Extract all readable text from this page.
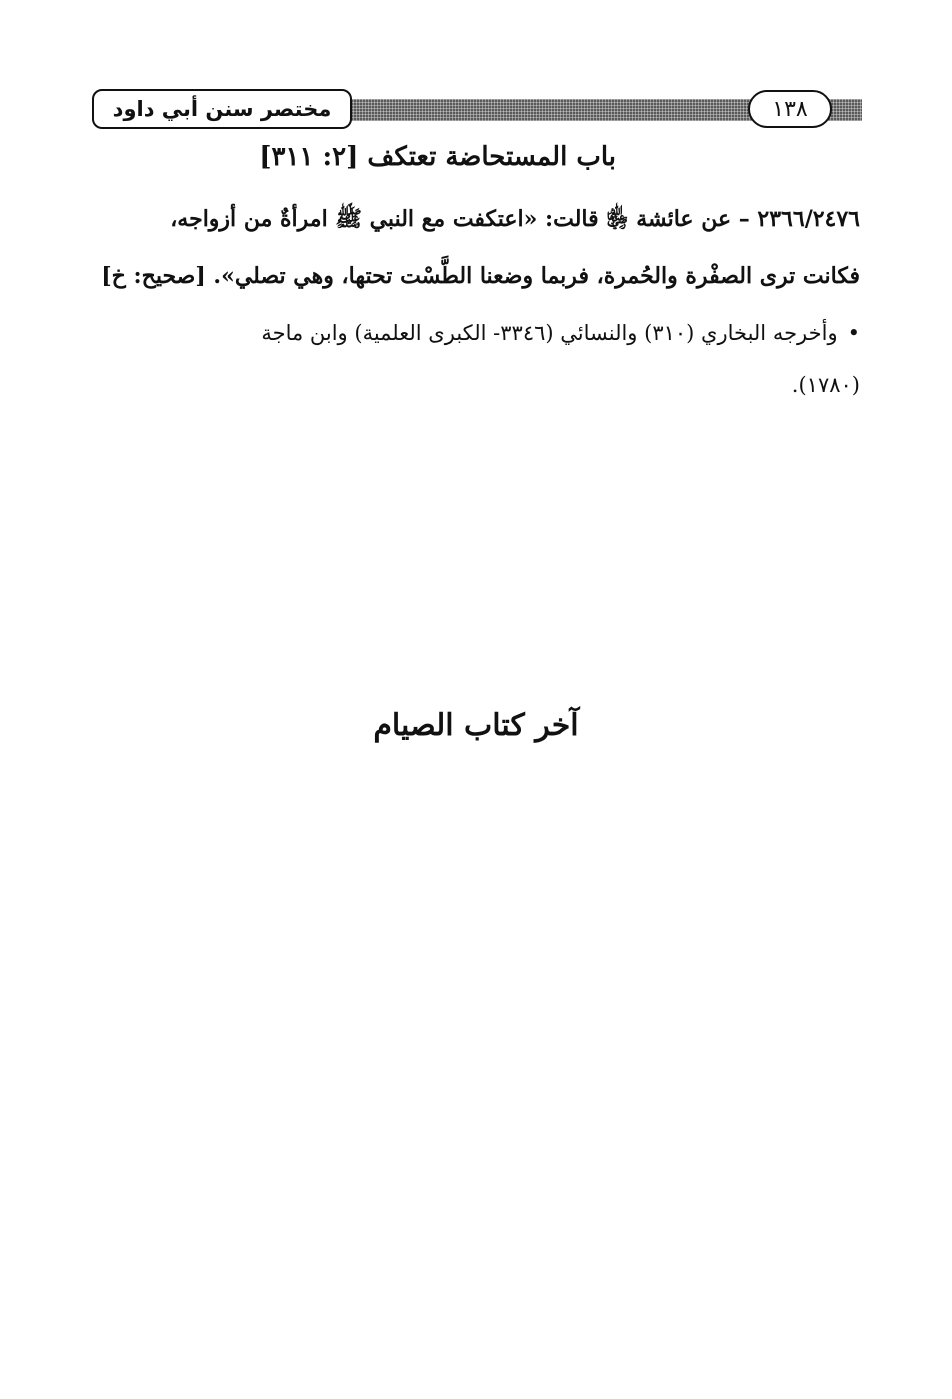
مختصر سنن أبي داود	١٣٨
باب المستحاضة تعتكف [٢: ٣١١]
٢٣٦٦/٢٤٧٦ – عن عائشة ﵂ قالت: «اعتكفت مع النبي ﷺ امرأةٌ من أزواجه،
فكانت ترى الصفْرة والحُمرة، فربما وضعنا الطَّسْت تحتها، وهي تصلي». [صحيح: خ]
•وأخرجه البخاري (٣١٠) والنسائي (٣٣٤٦- الكبرى العلمية) وابن ماجة
(١٧٨٠).
آخر كتاب الصيام
